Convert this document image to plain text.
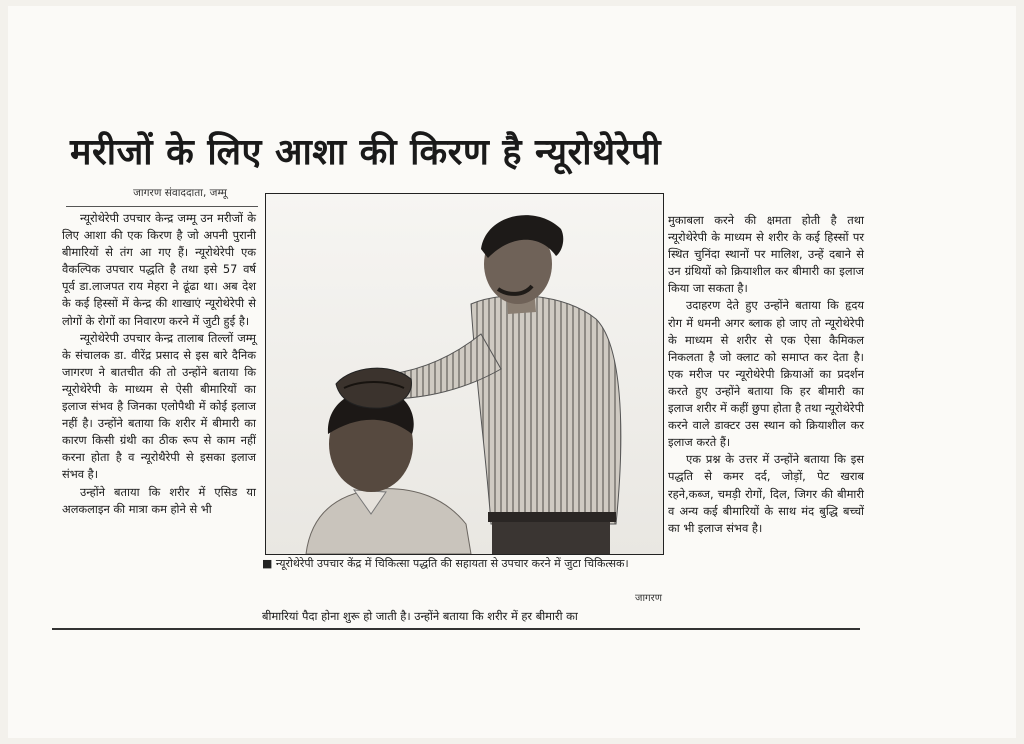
मरीजों के लिए आशा की किरण है न्यूरोथेरेपी
जागरण संवाददाता, जम्मू

न्यूरोथेरेपी उपचार केन्द्र जम्मू उन मरीजों के लिए आशा की एक किरण है जो अपनी पुरानी बीमारियों से तंग आ गए हैं। न्यूरोथेरेपी एक वैकल्पिक उपचार पद्धति है तथा इसे 57 वर्ष पूर्व डा.लाजपत राय मेहरा ने ढूंढा था। अब देश के कई हिस्सों में केन्द्र की शाखाएं न्यूरोथेरेपी से लोगों के रोगों का निवारण करने में जुटी हुई है।

न्यूरोथेरेपी उपचार केन्द्र तालाब तिल्लों जम्मू के संचालक डा. वीरेंद्र प्रसाद से इस बारे दैनिक जागरण ने बातचीत की तो उन्होंने बताया कि न्यूरोथेरेपी के माध्यम से ऐसी बीमारियों का इलाज संभव है जिनका एलोपैथी में कोई इलाज नहीं है। उन्होंने बताया कि शरीर में बीमारी का कारण किसी ग्रंथी का ठीक रूप से काम नहीं करना होता है व न्यूरोथैरेपी से इसका इलाज संभव है।

उन्होंने बताया कि शरीर में एसिड या अलकलाइन की मात्रा कम होने से भी

■ न्यूरोथेरेपी उपचार केंद्र में चिकित्सा पद्धति की सहायता से उपचार करने में जुटा चिकित्सक।
जागरण
बीमारियां पैदा होना शुरू हो जाती है। उन्होंने बताया कि शरीर में हर बीमारी का

मुकाबला करने की क्षमता होती है तथा न्यूरोथेरेपी के माध्यम से शरीर के कई हिस्सों पर स्थित चुनिंदा स्थानों पर मालिश, उन्हें दबाने से उन ग्रंथियों को क्रियाशील कर बीमारी का इलाज किया जा सकता है।

उदाहरण देते हुए उन्होंने बताया कि हृदय रोग में धमनी अगर ब्लाक हो जाए तो न्यूरोथेरेपी के माध्यम से शरीर से एक ऐसा कैमिकल निकलता है जो क्लाट को समाप्त कर देता है। एक मरीज पर न्यूरोथेरेपी क्रियाओं का प्रदर्शन करते हुए उन्होंने बताया कि हर बीमारी का इलाज शरीर में कहीं छुपा होता है तथा न्यूरोथेरेपी करने वाले डाक्टर उस स्थान को क्रियाशील कर इलाज करते हैं।

एक प्रश्न के उत्तर में उन्होंने बताया कि इस पद्धति से कमर दर्द, जोड़ों, पेट खराब रहने,कब्ज, चमड़ी रोगों, दिल, जिगर की बीमारी व अन्य कई बीमारियों के साथ मंद बुद्धि बच्चों का भी इलाज संभव है।
